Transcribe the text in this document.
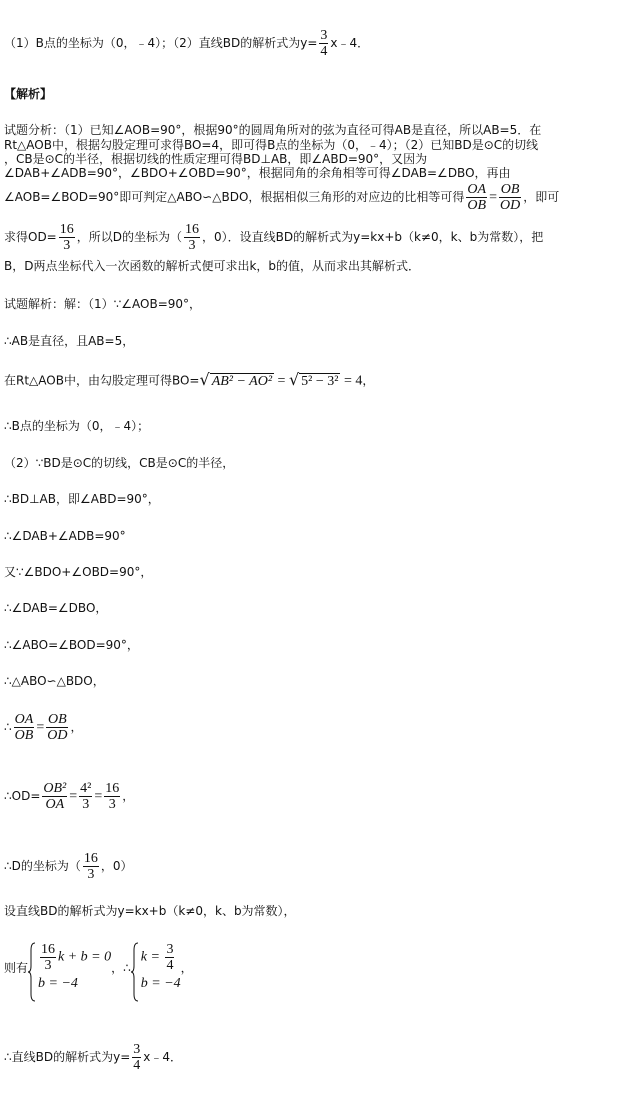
（1）B点的坐标为（0，﹣4）；（2）直线BD的解析式为$y= \frac{3}{4}$ x﹣4．
【解析】
试题分析：（1）已知∠AOB=90°，根据90°的圆周角所对的弦为直径可得AB是直径，所以AB=5．在
Rt△AOB中，根据勾股定理可求得BO=4，即可得B点的坐标为（0，﹣4）；（2）已知BD是⊙C的切线
，CB是⊙C的半径，根据切线的性质定理可得BD⊥AB，即∠ABD=90°，又因为
∠DAB+∠ADB=90°，∠BDO+∠OBD=90°，根据同角的余角相等可得∠DAB=∠DBO，再由
∠AOB=∠BOD=90°即可判定△ABO∽△BDO，根据相似三角形的对应边的比相等可得 $\frac{OA}{OB} = \frac{OB}{OD}$ ，即可
求得$OD= \frac{16}{3}$ ，所以D的坐标为（ $\frac{16}{3}$ ，0）．设直线BD的解析式为y=kx+b（k≠0，k、b为常数），把
B，D两点坐标代入一次函数的解析式便可求出k，b的值，从而求出其解析式．
试题解析：解：（1）∵∠AOB=90°，
∴AB是直径，且AB=5，
在Rt△AOB中，由勾股定理可得BO=√ AB² − AO² = √ 5² − 3² = 4，
∴B点的坐标为（0，﹣4）；
（2）∵BD是⊙C的切线，CB是⊙C的半径，
∴BD⊥AB，即∠ABD=90°，
∴∠DAB+∠ADB=90°
又∵∠BDO+∠OBD=90°，
∴∠DAB=∠DBO，
∴∠ABO=∠BOD=90°，
∴△ABO∽△BDO，
∴ $\frac{OA}{OB} = \frac{OB}{OD}$ ，
∴OD= $\frac{\text{OB²}}{OA} = \frac{\text{4²}}{3} = \frac{16}{3}$ ，
∴D的坐标为（ $\frac{16}{3}$ ，0）
设直线BD的解析式为y=kx+b（k≠0，k、b为常数），
则有 $\frac{16}{3}$ k + b = 0
b = −4
，∴
$k = \frac{3}{4}$
b = −4
，
∴直线BD的解析式为$y= \frac{3}{4}$ x﹣4．
